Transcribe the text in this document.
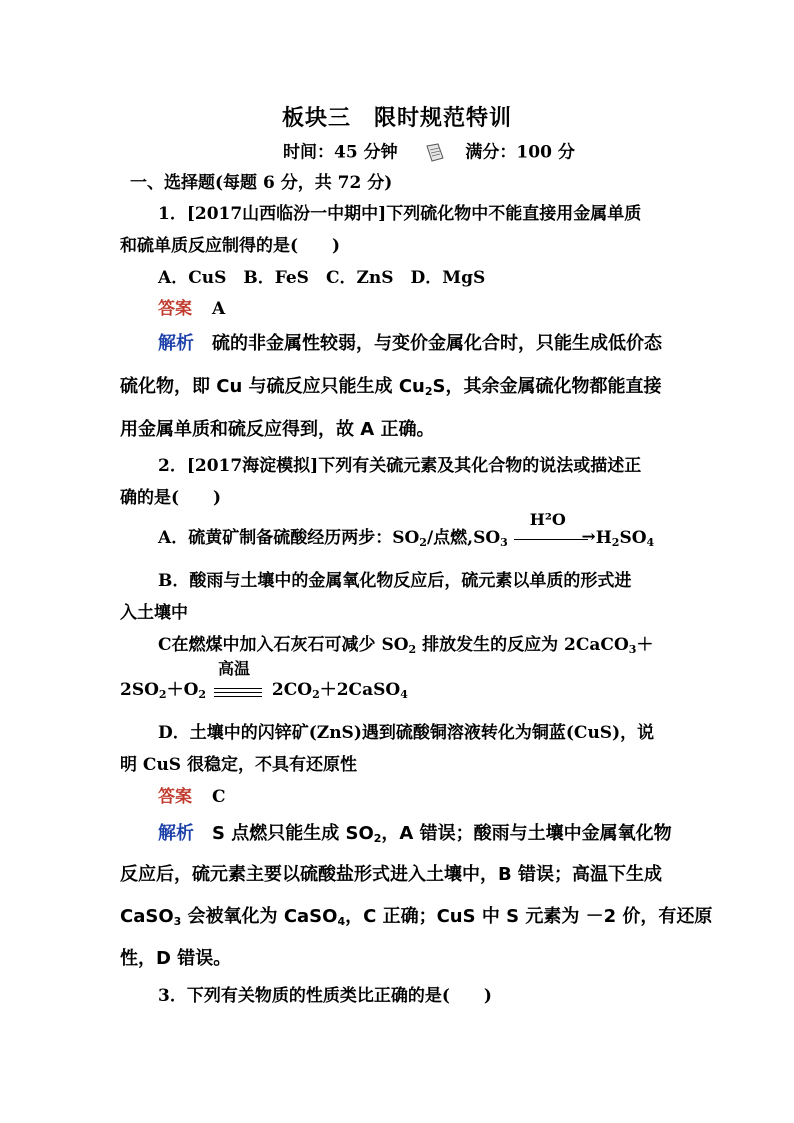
板块三　限时规范特训
时间：45 分钟	满分：100 分
一、选择题(每题 6 分，共 72 分)
1．[2017山西临汾一中期中]下列硫化物中不能直接用金属单质
和硫单质反应制得的是(　　)
A．CuS　B．FeS　C．ZnS　D．MgS
答案 A
解析 硫的非金属性较弱，与变价金属化合时，只能生成低价态
硫化物，即 Cu 与硫反应只能生成 $Cu_2S$，其余金属硫化物都能直接
用金属单质和硫反应得到，故 A 正确。
2．[2017海淀模拟]下列有关硫元素及其化合物的说法或描述正
确的是(　　)
A．硫黄矿制备硫酸经历两步：$SO_2/$点燃$,SO_3$
H²O
→ $H_2SO_4$
B．酸雨与土壤中的金属氧化物反应后，硫元素以单质的形式进
入土壤中
C在燃煤中加入石灰石可减少 $SO_2$ 排放发生的反应为 2CaCO$_3$＋
$2SO_2+O_2$
高温
$2CO_2+2CaSO_4$
D．土壤中的闪锌矿(ZnS)遇到硫酸铜溶液转化为铜蓝(CuS)，说
明 CuS 很稳定，不具有还原性
答案 C
解析 S 点燃只能生成 $SO_2$，A 错误；酸雨与土壤中金属氧化物
反应后，硫元素主要以硫酸盐形式进入土壤中，B 错误；高温下生成
CaSO$_3$ 会被氧化为 CaSO$_4$，C 正确；CuS 中 S 元素为 －2 价，有还原
性，D 错误。
3．下列有关物质的性质类比正确的是(　　)
